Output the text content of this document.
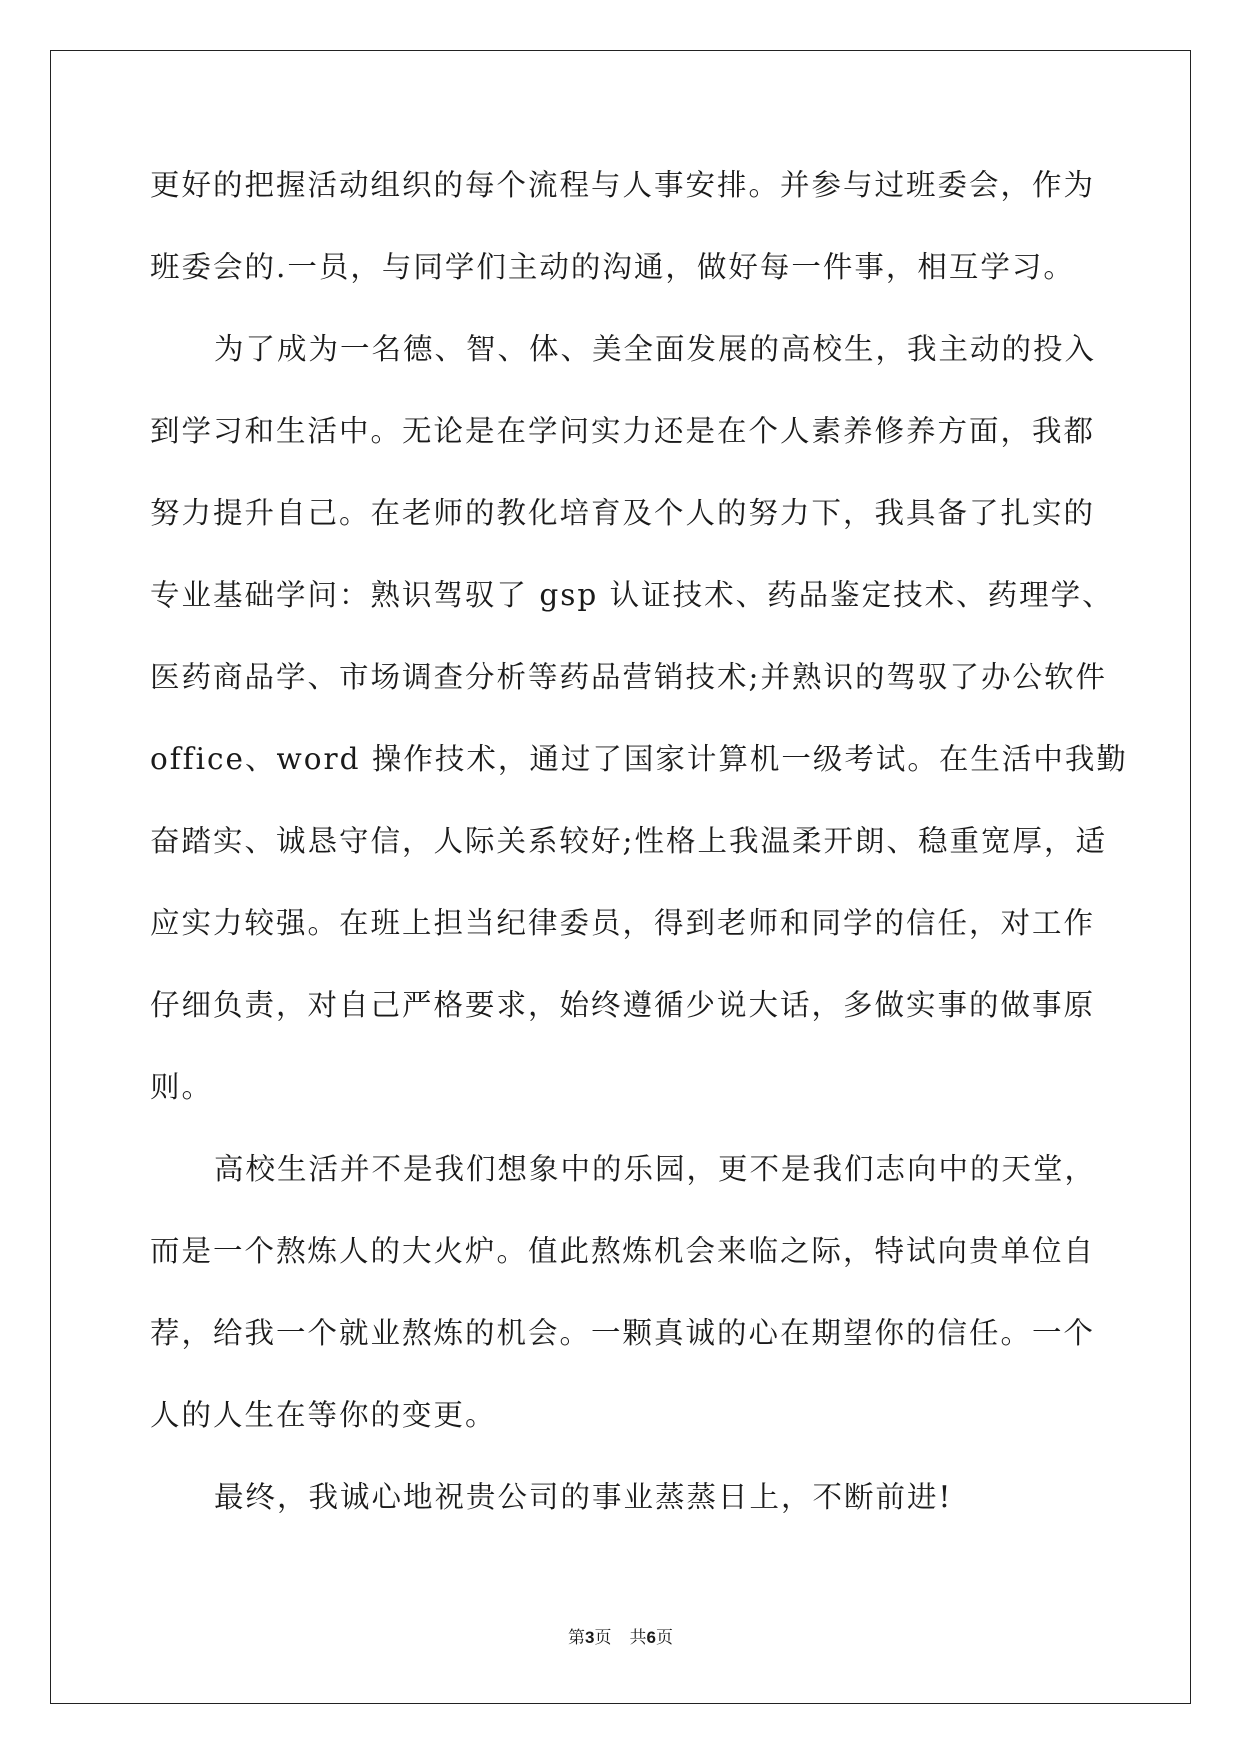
更好的把握活动组织的每个流程与人事安排。并参与过班委会，作为
班委会的.一员，与同学们主动的沟通，做好每一件事，相互学习。
为了成为一名德、智、体、美全面发展的高校生，我主动的投入
到学习和生活中。无论是在学问实力还是在个人素养修养方面，我都
努力提升自己。在老师的教化培育及个人的努力下，我具备了扎实的
专业基础学问：熟识驾驭了 gsp 认证技术、药品鉴定技术、药理学、
医药商品学、市场调查分析等药品营销技术;并熟识的驾驭了办公软件
office、word 操作技术，通过了国家计算机一级考试。在生活中我勤
奋踏实、诚恳守信，人际关系较好;性格上我温柔开朗、稳重宽厚，适
应实力较强。在班上担当纪律委员，得到老师和同学的信任，对工作
仔细负责，对自己严格要求，始终遵循少说大话，多做实事的做事原
则。
高校生活并不是我们想象中的乐园，更不是我们志向中的天堂，
而是一个熬炼人的大火炉。值此熬炼机会来临之际，特试向贵单位自
荐，给我一个就业熬炼的机会。一颗真诚的心在期望你的信任。一个
人的人生在等你的变更。
最终，我诚心地祝贵公司的事业蒸蒸日上，不断前进!
第3页 共6页
